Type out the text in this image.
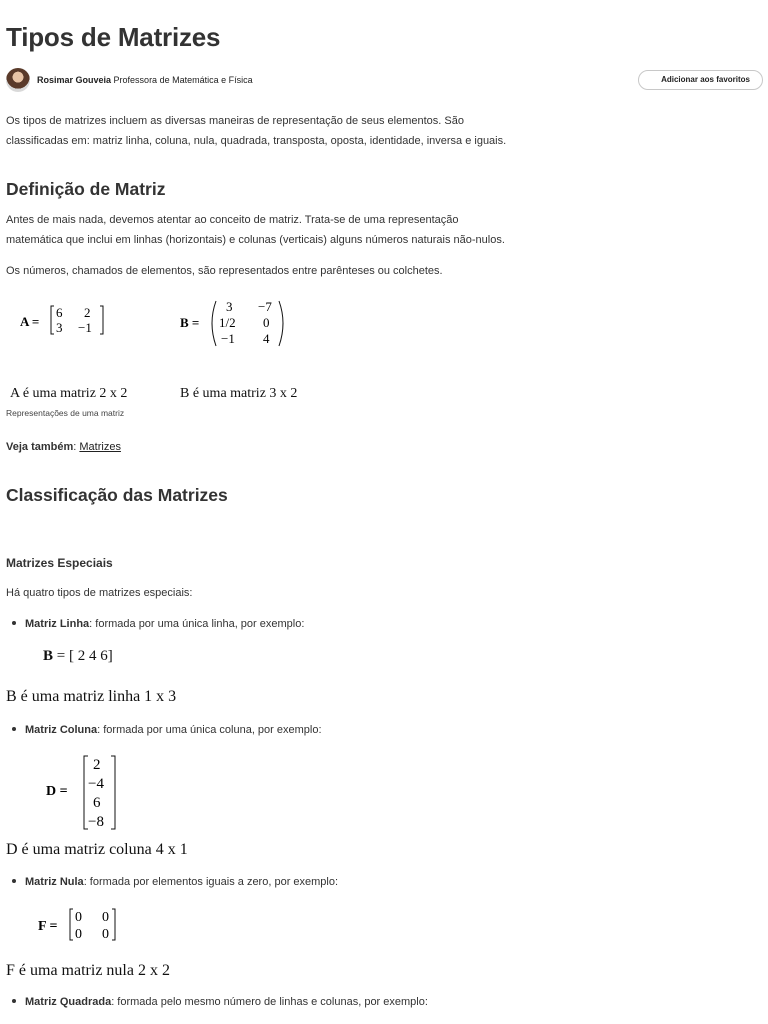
Tipos de Matrizes
Rosimar Gouveia Professora de Matemática e Física	Adicionar aos favoritos

Os tipos de matrizes incluem as diversas maneiras de representação de seus elementos. São
classificadas em: matriz linha, coluna, nula, quadrada, transposta, oposta, identidade, inversa e iguais.

Definição de Matriz

Antes de mais nada, devemos atentar ao conceito de matriz. Trata-se de uma representação
matemática que inclui em linhas (horizontais) e colunas (verticais) alguns números naturais não-nulos.

Os números, chamados de elementos, são representados entre parênteses ou colchetes.

A =
6 2
3 −1	B =
3 −7
1/2 0
−1 4
A é uma matriz 2 x 2	B é uma matriz 3 x 2
Representações de uma matriz
Veja também: Matrizes
Classificação das Matrizes
Matrizes Especiais

Há quatro tipos de matrizes especiais:

Matriz Linha: formada por uma única linha, por exemplo:
B = [ 2 4 6]
B é uma matriz linha 1 x 3
Matriz Coluna: formada por uma única coluna, por exemplo:
D =
2
−4
6
−8
D é uma matriz coluna 4 x 1
Matriz Nula: formada por elementos iguais a zero, por exemplo:
F =
0 0
0 0
F é uma matriz nula 2 x 2
Matriz Quadrada: formada pelo mesmo número de linhas e colunas, por exemplo:
